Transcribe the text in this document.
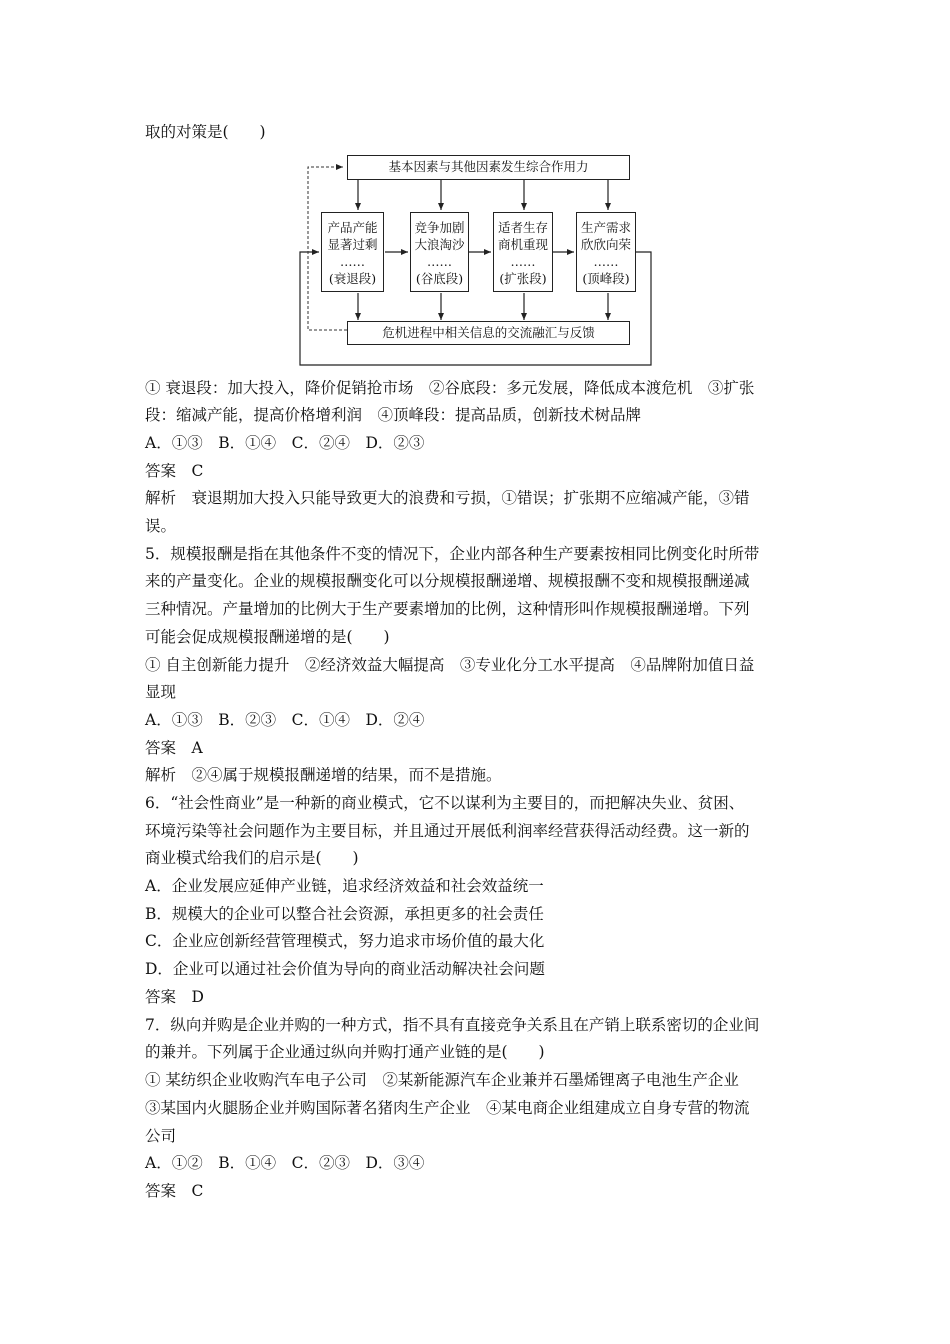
取的对策是(　　)
基本因素与其他因素发生综合作用力
产品产能
显著过剩
……
(衰退段)
竞争加剧
大浪淘沙
……
(谷底段)
适者生存
商机重现
……
(扩张段)
生产需求
欣欣向荣
……
(顶峰段)
危机进程中相关信息的交流融汇与反馈
① 衰退段：加大投入，降价促销抢市场　②谷底段：多元发展，降低成本渡危机　③扩张
段：缩减产能，提高价格增利润　④顶峰段：提高品质，创新技术树品牌
A．①③　B．①④　C．②④　D．②③
答案　C
解析　衰退期加大投入只能导致更大的浪费和亏损，①错误；扩张期不应缩减产能，③错
误。
5．规模报酬是指在其他条件不变的情况下，企业内部各种生产要素按相同比例变化时所带
来的产量变化。企业的规模报酬变化可以分规模报酬递增、规模报酬不变和规模报酬递减
三种情况。产量增加的比例大于生产要素增加的比例，这种情形叫作规模报酬递增。下列
可能会促成规模报酬递增的是(　　)
① 自主创新能力提升　②经济效益大幅提高　③专业化分工水平提高　④品牌附加值日益
显现
A．①③　B．②③　C．①④　D．②④
答案　A
解析　②④属于规模报酬递增的结果，而不是措施。
6．“社会性商业”是一种新的商业模式，它不以谋利为主要目的，而把解决失业、贫困、
环境污染等社会问题作为主要目标，并且通过开展低利润率经营获得活动经费。这一新的
商业模式给我们的启示是(　　)
A．企业发展应延伸产业链，追求经济效益和社会效益统一
B．规模大的企业可以整合社会资源，承担更多的社会责任
C．企业应创新经营管理模式，努力追求市场价值的最大化
D．企业可以通过社会价值为导向的商业活动解决社会问题
答案　D
7．纵向并购是企业并购的一种方式，指不具有直接竞争关系且在产销上联系密切的企业间
的兼并。下列属于企业通过纵向并购打通产业链的是(　　)
① 某纺织企业收购汽车电子公司　②某新能源汽车企业兼并石墨烯锂离子电池生产企业
③某国内火腿肠企业并购国际著名猪肉生产企业　④某电商企业组建成立自身专营的物流
公司
A．①②　B．①④　C．②③　D．③④
答案　C
